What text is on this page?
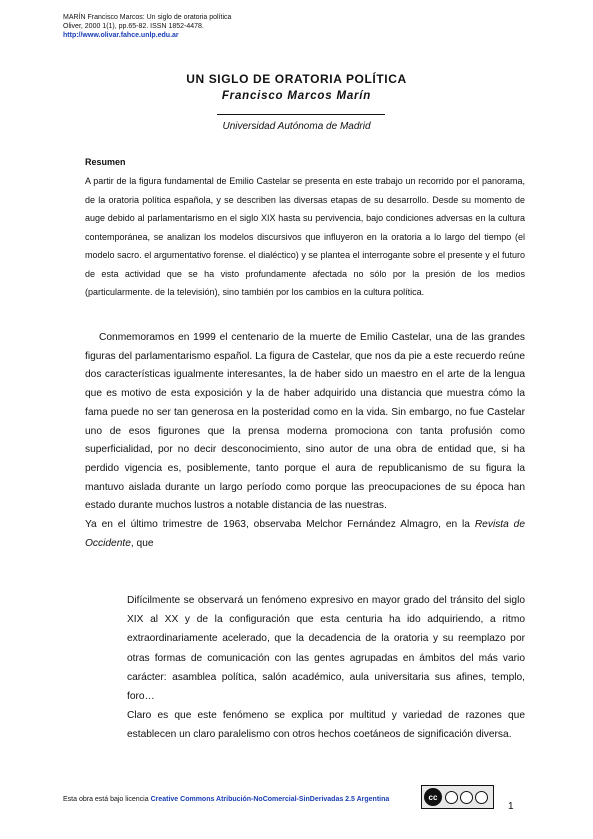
MARÍN Francisco Marcos: Un siglo de oratoria política
Oliver, 2000 1(1), pp.65-82. ISSN 1852-4478.
http://www.olivar.fahce.unlp.edu.ar
UN SIGLO DE ORATORIA POLÍTICA
Francisco Marcos Marín
Universidad Autónoma de Madrid
Resumen

A partir de la figura fundamental de Emilio Castelar se presenta en este trabajo un recorrido por el panorama, de la oratoria política española, y se describen las diversas etapas de su desarrollo. Desde su momento de auge debido al parlamentarismo en el siglo XIX hasta su pervivencia, bajo condiciones adversas en la cultura contemporánea, se analizan los modelos discursivos que influyeron en la oratoria a lo largo del tiempo (el modelo sacro. el argumentativo forense. el dialéctico) y se plantea el interrogante sobre el presente y el futuro de esta actividad que se ha visto profundamente afectada no sólo por la presión de los medios (particularmente. de la televisión), sino también por los cambios en la cultura política.

Conmemoramos en 1999 el centenario de la muerte de Emilio Castelar, una de las grandes figuras del parlamentarismo español. La figura de Castelar, que nos da pie a este recuerdo reúne dos características igualmente interesantes, la de haber sido un maestro en el arte de la lengua que es motivo de esta exposición y la de haber adquirido una distancia que muestra cómo la fama puede no ser tan generosa en la posteridad como en la vida. Sin embargo, no fue Castelar uno de esos figurones que la prensa moderna promociona con tanta profusión como superficialidad, por no decir desconocimiento, sino autor de una obra de entidad que, si ha perdido vigencia es, posiblemente, tanto porque el aura de republicanismo de su figura la mantuvo aislada durante un largo período como porque las preocupaciones de su época han estado durante muchos lustros a notable distancia de las nuestras.

Ya en el último trimestre de 1963, observaba Melchor Fernández Almagro, en la Revista de Occidente, que

Difícilmente se observará un fenómeno expresivo en mayor grado del tránsito del siglo XIX al XX y de la configuración que esta centuria ha ido adquiriendo, a ritmo extraordinariamente acelerado, que la decadencia de la oratoria y su reemplazo por otras formas de comunicación con las gentes agrupadas en ámbitos del más vario carácter: asamblea política, salón académico, aula universitaria sus afines, templo, foro…

Claro es que este fenómeno se explica por multitud y variedad de razones que establecen un claro paralelismo con otros hechos coetáneos de significación diversa.

Esta obra está bajo licencia Creative Commons Atribución-NoComercial-SinDerivadas 2.5 Argentina	cc
1
